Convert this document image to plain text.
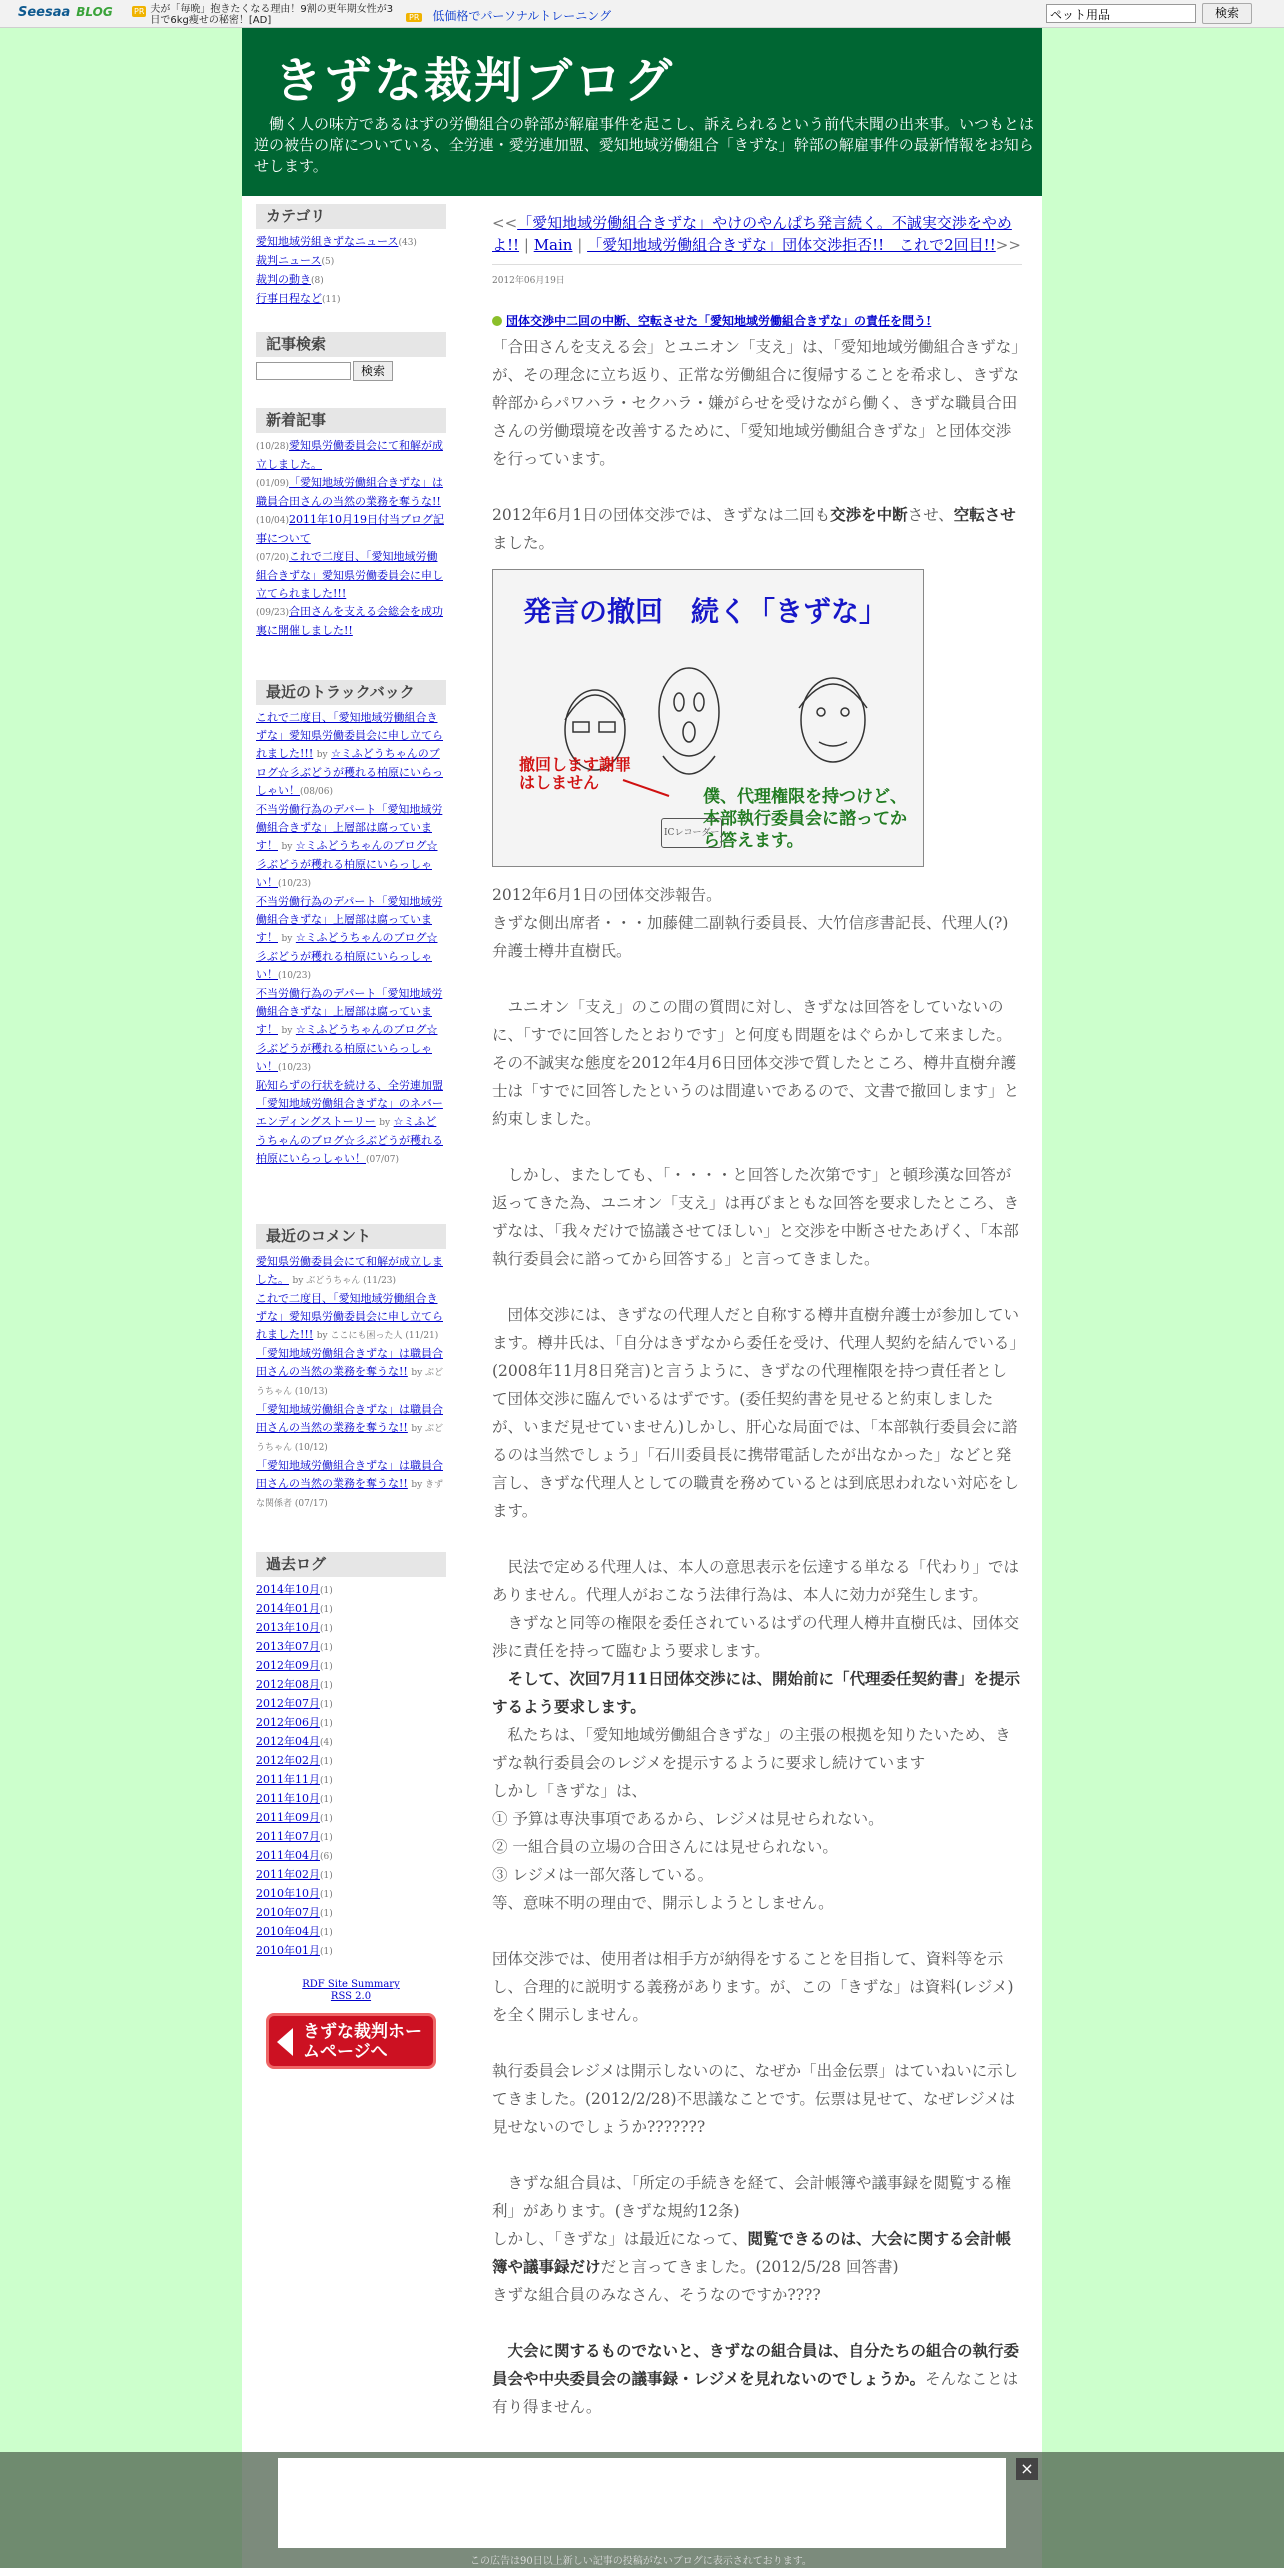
Seesaa BLOG	PR 夫が「毎晩」抱きたくなる理由！9割の更年期女性が3日で6kg痩せの秘密！[AD]	PR 低価格でパーソナルトレーニング	ペット用品	検索
きずな裁判ブログ
働く人の味方であるはずの労働組合の幹部が解雇事件を起こし、訴えられるという前代未聞の出来事。いつもとは逆の被告の席についている、全労連・愛労連加盟、愛知地域労働組合「きずな」幹部の解雇事件の最新情報をお知らせします。
カテゴリ
愛知地域労組きずなニュース(43)
裁判ニュース(5)
裁判の動き(8)
行事日程など(11)
記事検索
検索
新着記事
(10/28)愛知県労働委員会にて和解が成立しました。
(01/09)「愛知地域労働組合きずな」は職員合田さんの当然の業務を奪うな!!
(10/04)2011年10月19日付当ブログ記事について
(07/20)これで二度目、「愛知地域労働組合きずな」愛知県労働委員会に申し立てられました!!!
(09/23)合田さんを支える会総会を成功裏に開催しました!!
最近のトラックバック
これで二度目、「愛知地域労働組合きずな」愛知県労働委員会に申し立てられました!!! by ☆ミふどうちゃんのブログ☆彡ぶどうが穫れる柏原にいらっしゃい！(08/06)
不当労働行為のデパート「愛知地域労働組合きずな」上層部は腐っています！ by ☆ミふどうちゃんのブログ☆彡ぶどうが穫れる柏原にいらっしゃい！(10/23)
不当労働行為のデパート「愛知地域労働組合きずな」上層部は腐っています！ by ☆ミふどうちゃんのブログ☆彡ぶどうが穫れる柏原にいらっしゃい！(10/23)
不当労働行為のデパート「愛知地域労働組合きずな」上層部は腐っています！ by ☆ミふどうちゃんのブログ☆彡ぶどうが穫れる柏原にいらっしゃい！(10/23)
恥知らずの行状を続ける、全労連加盟「愛知地域労働組合きずな」のネバーエンディングストーリー by ☆ミふどうちゃんのブログ☆彡ぶどうが穫れる柏原にいらっしゃい！(07/07)
最近のコメント
愛知県労働委員会にて和解が成立しました。 by ぶどうちゃん (11/23)
これで二度目、「愛知地域労働組合きずな」愛知県労働委員会に申し立てられました!!! by ここにも困った人 (11/21)
「愛知地域労働組合きずな」は職員合田さんの当然の業務を奪うな!! by ぶどうちゃん (10/13)
「愛知地域労働組合きずな」は職員合田さんの当然の業務を奪うな!! by ぶどうちゃん (10/12)
「愛知地域労働組合きずな」は職員合田さんの当然の業務を奪うな!! by きずな関係者 (07/17)
過去ログ
2014年10月(1)
2014年01月(1)
2013年10月(1)
2013年07月(1)
2012年09月(1)
2012年08月(1)
2012年07月(1)
2012年06月(1)
2012年04月(4)
2012年02月(1)
2011年11月(1)
2011年10月(1)
2011年09月(1)
2011年07月(1)
2011年04月(6)
2011年02月(1)
2010年10月(1)
2010年07月(1)
2010年04月(1)
2010年01月(1)
RDF Site Summary
RSS 2.0
きずな裁判ホームページへ
<<「愛知地域労働組合きずな」やけのやんぱち発言続く。不誠実交渉をやめよ!! | Main | 「愛知地域労働組合きずな」団体交渉拒否!!　これで2回目!!>>
2012年06月19日
団体交渉中二回の中断、空転させた「愛知地域労働組合きずな」の責任を問う!

「合田さんを支える会」とユニオン「支え」は、「愛知地域労働組合きずな」が、その理念に立ち返り、正常な労働組合に復帰することを希求し、きずな幹部からパワハラ・セクハラ・嫌がらせを受けながら働く、きずな職員合田さんの労働環境を改善するために、「愛知地域労働組合きずな」と団体交渉を行っています。

2012年6月1日の団体交渉では、きずなは二回も交渉を中断させ、空転させました。

発言の撤回　続く「きずな」
撤回します謝罪はしません
僕、代理権限を持つけど、本部執行委員会に諮ってから答えます。
ICレコーダー

2012年6月1日の団体交渉報告。

きずな側出席者・・・加藤健二副執行委員長、大竹信彦書記長、代理人(?)弁護士樽井直樹氏。

ユニオン「支え」のこの間の質問に対し、きずなは回答をしていないのに、「すでに回答したとおりです」と何度も問題をはぐらかして来ました。その不誠実な態度を2012年4月6日団体交渉で質したところ、樽井直樹弁護士は「すでに回答したというのは間違いであるので、文書で撤回します」と約束しました。

しかし、またしても、「・・・・と回答した次第です」と頓珍漢な回答が返ってきた為、ユニオン「支え」は再びまともな回答を要求したところ、きずなは、「我々だけで協議させてほしい」と交渉を中断させたあげく、「本部執行委員会に諮ってから回答する」と言ってきました。

団体交渉には、きずなの代理人だと自称する樽井直樹弁護士が参加しています。樽井氏は、「自分はきずなから委任を受け、代理人契約を結んでいる」(2008年11月8日発言)と言うように、きずなの代理権限を持つ責任者として団体交渉に臨んでいるはずです。(委任契約書を見せると約束しましたが、いまだ見せていません)しかし、肝心な局面では、「本部執行委員会に諮るのは当然でしょう」「石川委員長に携帯電話したが出なかった」などと発言し、きずな代理人としての職責を務めているとは到底思われない対応をします。

民法で定める代理人は、本人の意思表示を伝達する単なる「代わり」ではありません。代理人がおこなう法律行為は、本人に効力が発生します。

きずなと同等の権限を委任されているはずの代理人樽井直樹氏は、団体交渉に責任を持って臨むよう要求します。

そして、次回7月11日団体交渉には、開始前に「代理委任契約書」を提示するよう要求します。

私たちは、「愛知地域労働組合きずな」の主張の根拠を知りたいため、きずな執行委員会のレジメを提示するように要求し続けています

しかし「きずな」は、

① 予算は専決事項であるから、レジメは見せられない。

② 一組合員の立場の合田さんには見せられない。

③ レジメは一部欠落している。

等、意味不明の理由で、開示しようとしません。

団体交渉では、使用者は相手方が納得をすることを目指して、資料等を示し、合理的に説明する義務があります。が、この「きずな」は資料(レジメ)を全く開示しません。

執行委員会レジメは開示しないのに、なぜか「出金伝票」はていねいに示してきました。(2012/2/28)不思議なことです。伝票は見せて、なぜレジメは見せないのでしょうか???????

きずな組合員は、「所定の手続きを経て、会計帳簿や議事録を閲覧する権利」があります。(きずな規約12条)

しかし、「きずな」は最近になって、閲覧できるのは、大会に関する会計帳簿や議事録だけだと言ってきました。(2012/5/28 回答書)

きずな組合員のみなさん、そうなのですか????

大会に関するものでないと、きずなの組合員は、自分たちの組合の執行委員会や中央委員会の議事録・レジメを見れないのでしょうか。そんなことは有り得ません。

×
この広告は90日以上新しい記事の投稿がないブログに表示されております。
